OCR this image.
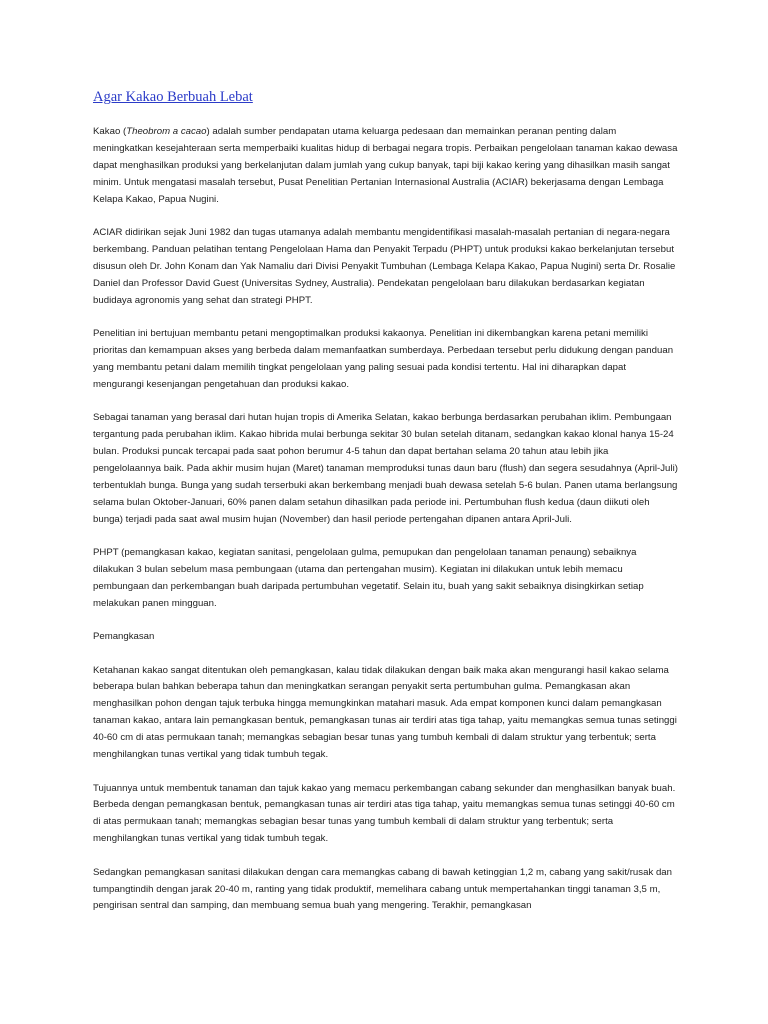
Agar Kakao Berbuah Lebat

Kakao (Theobrom a cacao) adalah sumber pendapatan utama keluarga pedesaan dan memainkan peranan penting dalam meningkatkan kesejahteraan serta memperbaiki kualitas hidup di berbagai negara tropis. Perbaikan pengelolaan tanaman kakao dewasa dapat menghasilkan produksi yang berkelanjutan dalam jumlah yang cukup banyak, tapi biji kakao kering yang dihasilkan masih sangat minim. Untuk mengatasi masalah tersebut, Pusat Penelitian Pertanian Internasional Australia (ACIAR) bekerjasama dengan Lembaga Kelapa Kakao, Papua Nugini.

ACIAR didirikan sejak Juni 1982 dan tugas utamanya adalah membantu mengidentifikasi masalah-masalah pertanian di negara-negara berkembang. Panduan pelatihan tentang Pengelolaan Hama dan Penyakit Terpadu (PHPT) untuk produksi kakao berkelanjutan tersebut disusun oleh Dr. John Konam dan Yak Namaliu dari Divisi Penyakit Tumbuhan (Lembaga Kelapa Kakao, Papua Nugini) serta Dr. Rosalie Daniel dan Professor David Guest (Universitas Sydney, Australia). Pendekatan pengelolaan baru dilakukan berdasarkan kegiatan budidaya agronomis yang sehat dan strategi PHPT.

Penelitian ini bertujuan membantu petani mengoptimalkan produksi kakaonya. Penelitian ini dikembangkan karena petani memiliki prioritas dan kemampuan akses yang berbeda dalam memanfaatkan sumberdaya. Perbedaan tersebut perlu didukung dengan panduan yang membantu petani dalam memilih tingkat pengelolaan yang paling sesuai pada kondisi tertentu. Hal ini diharapkan dapat mengurangi kesenjangan pengetahuan dan produksi kakao.

Sebagai tanaman yang berasal dari hutan hujan tropis di Amerika Selatan, kakao berbunga berdasarkan perubahan iklim. Pembungaan tergantung pada perubahan iklim. Kakao hibrida mulai berbunga sekitar 30 bulan setelah ditanam, sedangkan kakao klonal hanya 15-24 bulan. Produksi puncak tercapai pada saat pohon berumur 4-5 tahun dan dapat bertahan selama 20 tahun atau lebih jika pengelolaannya baik. Pada akhir musim hujan (Maret) tanaman memproduksi tunas daun baru (flush) dan segera sesudahnya (April-Juli) terbentuklah bunga. Bunga yang sudah terserbuki akan berkembang menjadi buah dewasa setelah 5-6 bulan. Panen utama berlangsung selama bulan Oktober-Januari, 60% panen dalam setahun dihasilkan pada periode ini. Pertumbuhan flush kedua (daun diikuti oleh bunga) terjadi pada saat awal musim hujan (November) dan hasil periode pertengahan dipanen antara April-Juli.

PHPT (pemangkasan kakao, kegiatan sanitasi, pengelolaan gulma, pemupukan dan pengelolaan tanaman penaung) sebaiknya dilakukan 3 bulan sebelum masa pembungaan (utama dan pertengahan musim). Kegiatan ini dilakukan untuk lebih memacu pembungaan dan perkembangan buah daripada pertumbuhan vegetatif. Selain itu, buah yang sakit sebaiknya disingkirkan setiap melakukan panen mingguan.

Pemangkasan

Ketahanan kakao sangat ditentukan oleh pemangkasan, kalau tidak dilakukan dengan baik maka akan mengurangi hasil kakao selama beberapa bulan bahkan beberapa tahun dan meningkatkan serangan penyakit serta pertumbuhan gulma. Pemangkasan akan menghasilkan pohon dengan tajuk terbuka hingga memungkinkan matahari masuk. Ada empat komponen kunci dalam pemangkasan tanaman kakao, antara lain pemangkasan bentuk, pemangkasan tunas air terdiri atas tiga tahap, yaitu memangkas semua tunas setinggi 40-60 cm di atas permukaan tanah; memangkas sebagian besar tunas yang tumbuh kembali di dalam struktur yang terbentuk; serta menghilangkan tunas vertikal yang tidak tumbuh tegak.

Tujuannya untuk membentuk tanaman dan tajuk kakao yang memacu perkembangan cabang sekunder dan menghasilkan banyak buah. Berbeda dengan pemangkasan bentuk, pemangkasan tunas air terdiri atas tiga tahap, yaitu memangkas semua tunas setinggi 40-60 cm di atas permukaan tanah; memangkas sebagian besar tunas yang tumbuh kembali di dalam struktur yang terbentuk; serta menghilangkan tunas vertikal yang tidak tumbuh tegak.

Sedangkan pemangkasan sanitasi dilakukan dengan cara memangkas cabang di bawah ketinggian 1,2 m, cabang yang sakit/rusak dan tumpangtindih dengan jarak 20-40 m, ranting yang tidak produktif, memelihara cabang untuk mempertahankan tinggi tanaman 3,5 m, pengirisan sentral dan samping, dan membuang semua buah yang mengering. Terakhir, pemangkasan
